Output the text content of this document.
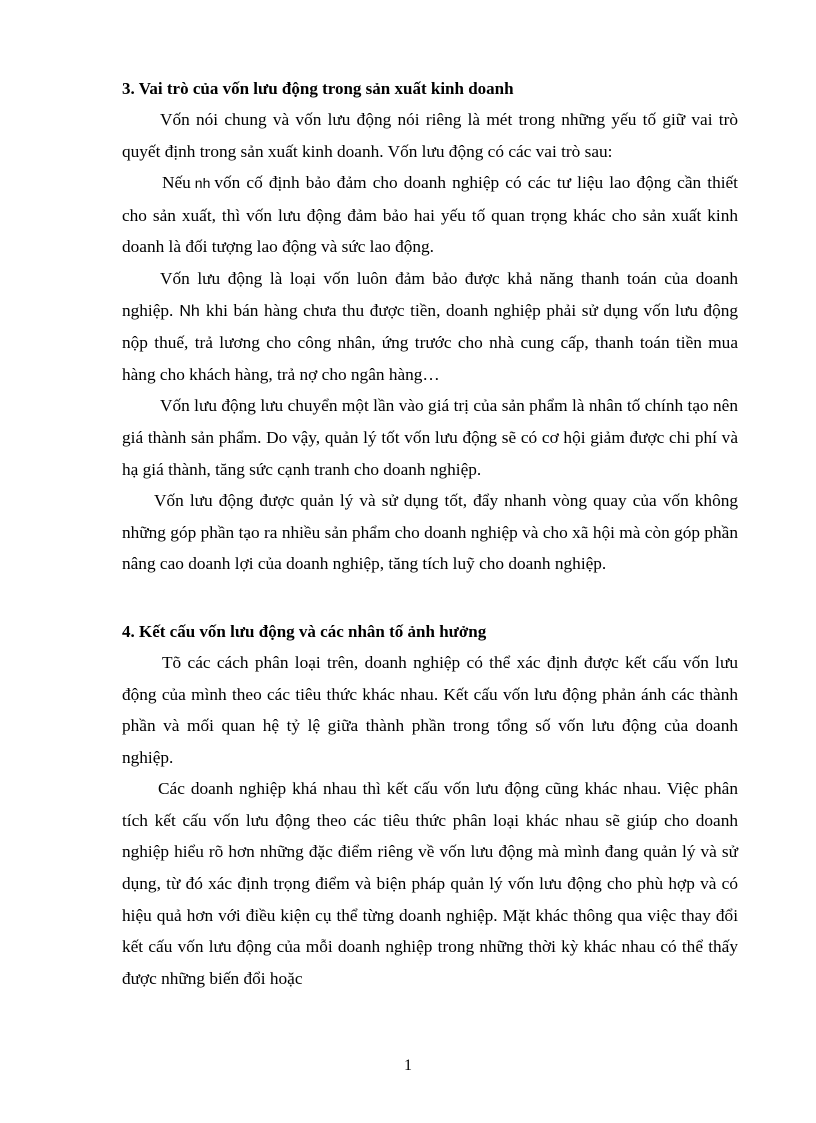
3. Vai trò của vốn lưu động trong sản xuất kinh doanh

Vốn nói chung và vốn lưu động nói riêng là mét trong những yếu tố giữ vai trò quyết định trong sản xuất kinh doanh. Vốn lưu động có các vai trò sau:

Nếu nh vốn cố định bảo đảm cho doanh nghiệp có các tư liệu lao động cần thiết cho sản xuất, thì vốn lưu động đảm bảo hai yếu tố quan trọng khác cho sản xuất kinh doanh là đối tượng lao động và sức lao động.

Vốn lưu động là loại vốn luôn đảm bảo được khả năng thanh toán của doanh nghiệp. Nh khi bán hàng chưa thu được tiền, doanh nghiệp phải sử dụng vốn lưu động nộp thuế, trả lương cho công nhân, ứng trước cho nhà cung cấp, thanh toán tiền mua hàng cho khách hàng, trả nợ cho ngân hàng…

Vốn lưu động lưu chuyển một lần vào giá trị của sản phẩm là nhân tố chính tạo nên giá thành sản phẩm. Do vậy, quản lý tốt vốn lưu động sẽ có cơ hội giảm được chi phí và hạ giá thành, tăng sức cạnh tranh cho doanh nghiệp.

Vốn lưu động được quản lý và sử dụng tốt, đẩy nhanh vòng quay của vốn không những góp phần tạo ra nhiều sản phẩm cho doanh nghiệp và cho xã hội mà còn góp phần nâng cao doanh lợi của doanh nghiệp, tăng tích luỹ cho doanh nghiệp.

4. Kết cấu vốn lưu động và các nhân tố ảnh hưởng

Tõ các cách phân loại trên, doanh nghiệp có thể xác định được kết cấu vốn lưu động của mình theo các tiêu thức khác nhau. Kết cấu vốn lưu động phản ánh các thành phần và mối quan hệ tỷ lệ giữa thành phần trong tổng số vốn lưu động của doanh nghiệp.

Các doanh nghiệp khá nhau thì kết cấu vốn lưu động cũng khác nhau. Việc phân tích kết cấu vốn lưu động theo các tiêu thức phân loại khác nhau sẽ giúp cho doanh nghiệp hiểu rõ hơn những đặc điểm riêng về vốn lưu động mà mình đang quản lý và sử dụng, từ đó xác định trọng điểm và biện pháp quản lý vốn lưu động cho phù hợp và có hiệu quả hơn với điều kiện cụ thể từng doanh nghiệp. Mặt khác thông qua việc thay đổi kết cấu vốn lưu động của mỗi doanh nghiệp trong những thời kỳ khác nhau có thể thấy được những biến đổi hoặc

1
